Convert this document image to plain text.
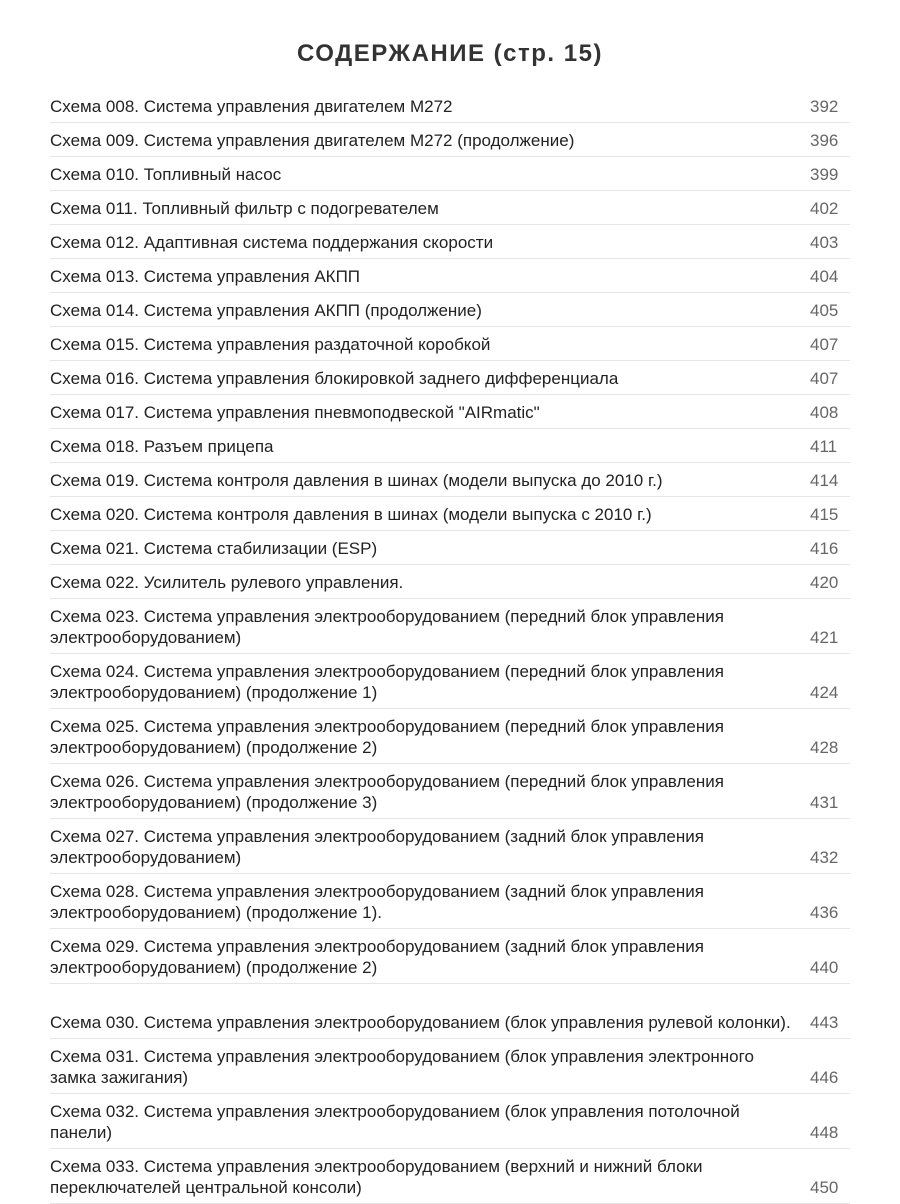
СОДЕРЖАНИЕ (стр. 15)
Схема 008. Система управления двигателем M272	392
Схема 009. Система управления двигателем M272 (продолжение)	396
Схема 010. Топливный насос	399
Схема 011. Топливный фильтр с подогревателем	402
Схема 012. Адаптивная система поддержания скорости	403
Схема 013. Система управления АКПП	404
Схема 014. Система управления АКПП (продолжение)	405
Схема 015. Система управления раздаточной коробкой	407
Схема 016. Система управления блокировкой заднего дифференциала	407
Схема 017. Система управления пневмоподвеской "AIRmatic"	408
Схема 018. Разъем прицепа	411
Схема 019. Система контроля давления в шинах (модели выпуска до 2010 г.)	414
Схема 020. Система контроля давления в шинах (модели выпуска с 2010 г.)	415
Схема 021. Система стабилизации (ESP)	416
Схема 022. Усилитель рулевого управления.	420
Схема 023. Система управления электрооборудованием (передний блок управления электрооборудованием)	421
Схема 024. Система управления электрооборудованием (передний блок управления электрооборудованием) (продолжение 1)	424
Схема 025. Система управления электрооборудованием (передний блок управления электрооборудованием) (продолжение 2)	428
Схема 026. Система управления электрооборудованием (передний блок управления электрооборудованием) (продолжение 3)	431
Схема 027. Система управления электрооборудованием (задний блок управления электрооборудованием)	432
Схема 028. Система управления электрооборудованием (задний блок управления электрооборудованием) (продолжение 1).	436
Схема 029. Система управления электрооборудованием (задний блок управления электрооборудованием) (продолжение 2)	440
Схема 030. Система управления электрооборудованием (блок управления рулевой колонки). 443
Схема 031. Система управления электрооборудованием (блок управления электронного замка зажигания)	446
Схема 032. Система управления электрооборудованием (блок управления потолочной панели)	448
Схема 033. Система управления электрооборудованием (верхний и нижний блоки переключателей центральной консоли)	450
